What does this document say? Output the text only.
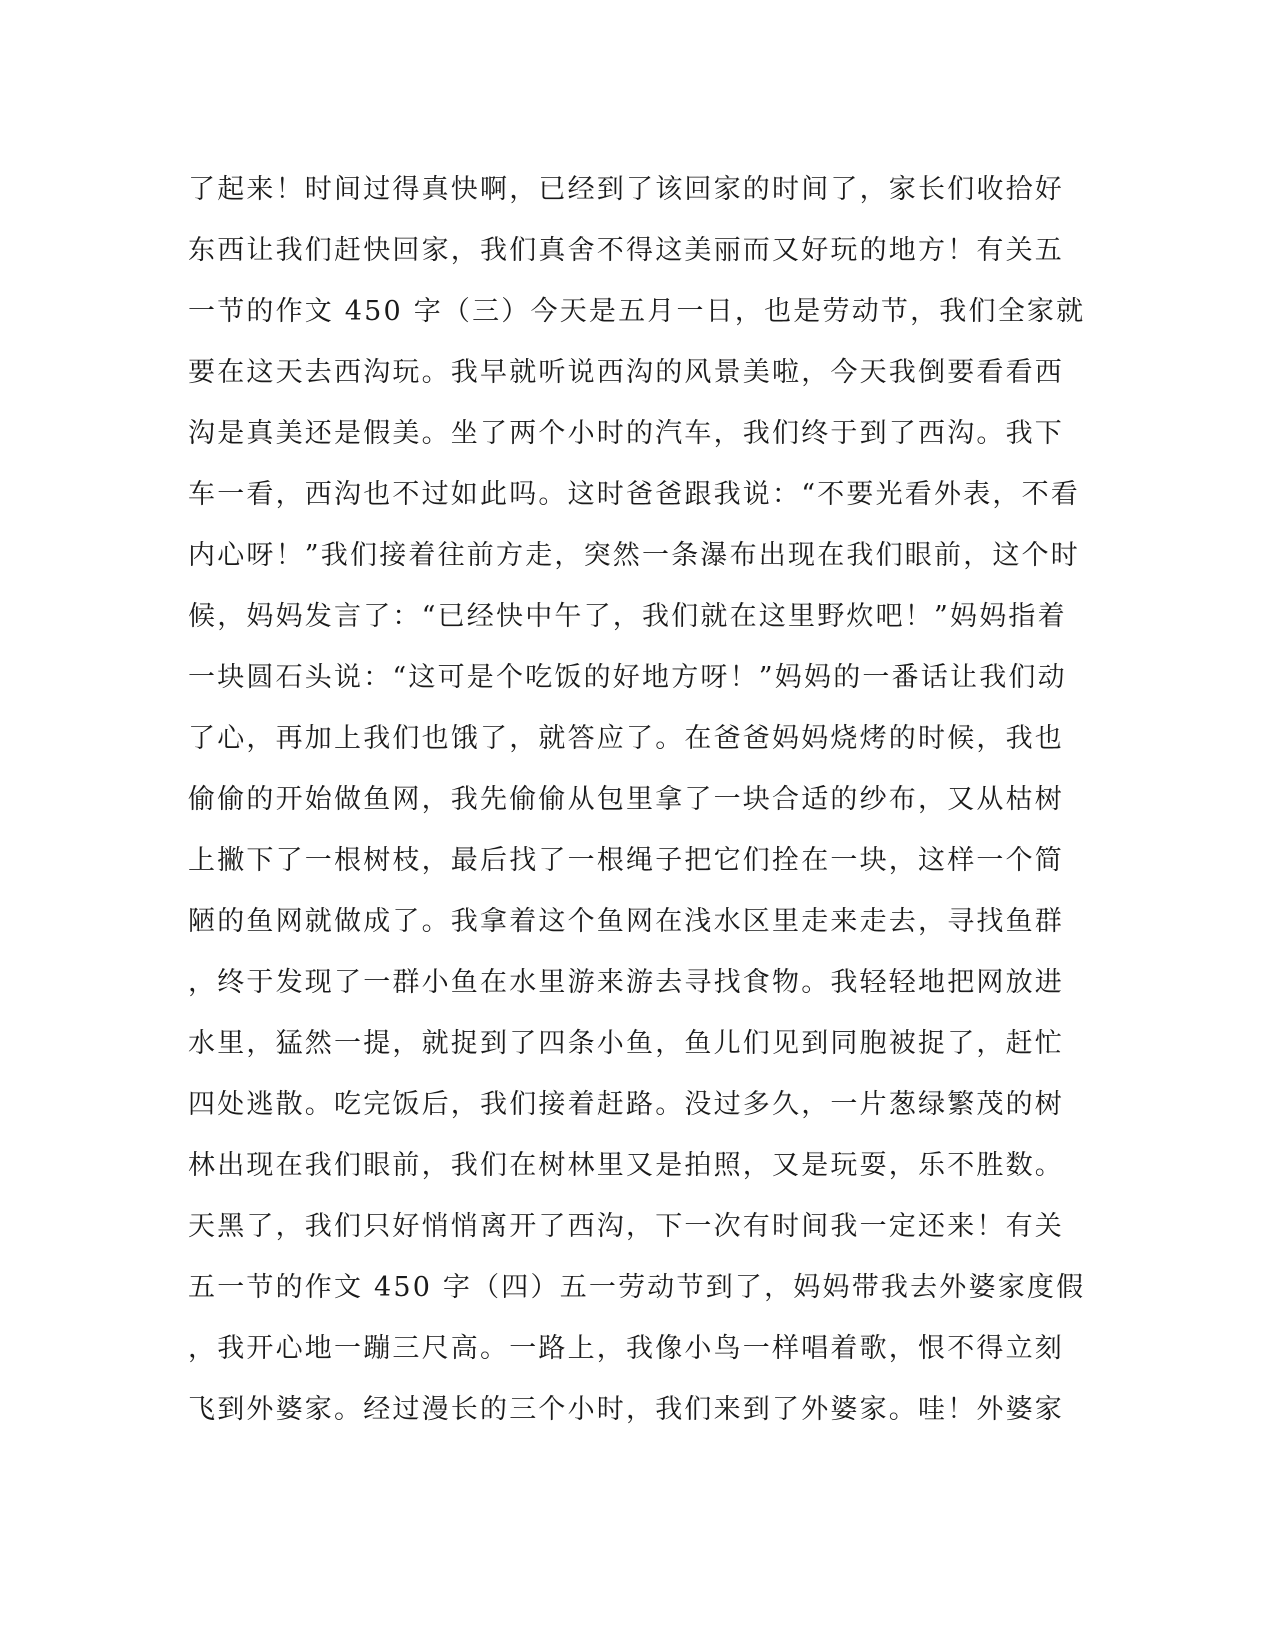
了起来！时间过得真快啊，已经到了该回家的时间了，家长们收拾好
东西让我们赶快回家，我们真舍不得这美丽而又好玩的地方！有关五
一节的作文 450 字（三）今天是五月一日，也是劳动节，我们全家就
要在这天去西沟玩。我早就听说西沟的风景美啦，今天我倒要看看西
沟是真美还是假美。坐了两个小时的汽车，我们终于到了西沟。我下
车一看，西沟也不过如此吗。这时爸爸跟我说：“不要光看外表，不看
内心呀！”我们接着往前方走，突然一条瀑布出现在我们眼前，这个时
候，妈妈发言了：“已经快中午了，我们就在这里野炊吧！”妈妈指着
一块圆石头说：“这可是个吃饭的好地方呀！”妈妈的一番话让我们动
了心，再加上我们也饿了，就答应了。在爸爸妈妈烧烤的时候，我也
偷偷的开始做鱼网，我先偷偷从包里拿了一块合适的纱布，又从枯树
上撇下了一根树枝，最后找了一根绳子把它们拴在一块，这样一个简
陋的鱼网就做成了。我拿着这个鱼网在浅水区里走来走去，寻找鱼群
，终于发现了一群小鱼在水里游来游去寻找食物。我轻轻地把网放进
水里，猛然一提，就捉到了四条小鱼，鱼儿们见到同胞被捉了，赶忙
四处逃散。吃完饭后，我们接着赶路。没过多久，一片葱绿繁茂的树
林出现在我们眼前，我们在树林里又是拍照，又是玩耍，乐不胜数。
天黑了，我们只好悄悄离开了西沟，下一次有时间我一定还来！有关
五一节的作文 450 字（四）五一劳动节到了，妈妈带我去外婆家度假
，我开心地一蹦三尺高。一路上，我像小鸟一样唱着歌，恨不得立刻
飞到外婆家。经过漫长的三个小时，我们来到了外婆家。哇！外婆家
